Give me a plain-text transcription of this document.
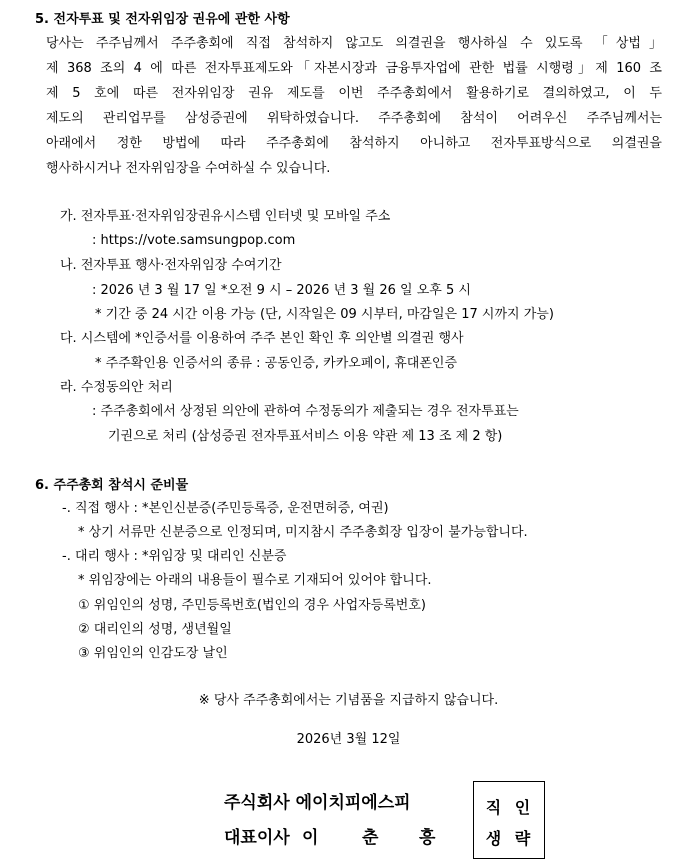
5. 전자투표 및 전자위임장 권유에 관한 사항
당사는 주주님께서 주주총회에 직접 참석하지 않고도 의결권을 행사하실 수 있도록 「상법」
제 368 조의 4 에 따른 전자투표제도와「자본시장과 금융투자업에 관한 법률 시행령」제 160 조
제 5 호에 따른 전자위임장 권유 제도를 이번 주주총회에서 활용하기로 결의하였고, 이 두
제도의 관리업무를 삼성증권에 위탁하였습니다. 주주총회에 참석이 어려우신 주주님께서는
아래에서 정한 방법에 따라 주주총회에 참석하지 아니하고 전자투표방식으로 의결권을
행사하시거나 전자위임장을 수여하실 수 있습니다.
가. 전자투표·전자위임장권유시스템 인터넷 및 모바일 주소
: https://vote.samsungpop.com
나. 전자투표 행사·전자위임장 수여기간
: 2026 년 3 월 17 일 *오전 9 시 – 2026 년 3 월 26 일 오후 5 시
* 기간 중 24 시간 이용 가능 (단, 시작일은 09 시부터, 마감일은 17 시까지 가능)
다. 시스템에 *인증서를 이용하여 주주 본인 확인 후 의안별 의결권 행사
* 주주확인용 인증서의 종류 : 공동인증, 카카오페이, 휴대폰인증
라. 수정동의안 처리
: 주주총회에서 상정된 의안에 관하여 수정동의가 제출되는 경우 전자투표는
기권으로 처리 (삼성증권 전자투표서비스 이용 약관 제 13 조 제 2 항)
6. 주주총회 참석시 준비물
-. 직접 행사 : *본인신분증(주민등록증, 운전면허증, 여권)
* 상기 서류만 신분증으로 인정되며, 미지참시 주주총회장 입장이 불가능합니다.
-. 대리 행사 : *위임장 및 대리인 신분증
* 위임장에는 아래의 내용들이 필수로 기재되어 있어야 합니다.
① 위임인의 성명, 주민등록번호(법인의 경우 사업자등록번호)
② 대리인의 성명, 생년월일
③ 위임인의 인감도장 날인
※ 당사 주주총회에서는 기념품을 지급하지 않습니다.
2026년 3월 12일
주식회사 에이치피에스피
대표이사 이	춘 흥
직 인
생 략
